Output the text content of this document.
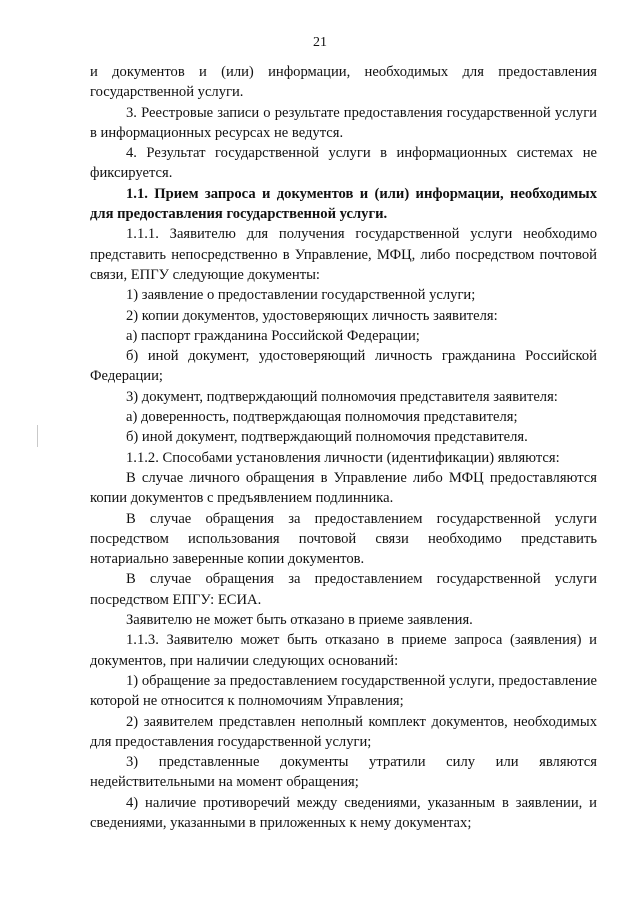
21

и документов и (или) информации, необходимых для предоставления государственной услуги.

3. Реестровые записи о результате предоставления государственной услуги в информационных ресурсах не ведутся.

4. Результат государственной услуги в информационных системах не фиксируется.

1.1. Прием запроса и документов и (или) информации, необходимых для предоставления государственной услуги.

1.1.1. Заявителю для получения государственной услуги необходимо представить непосредственно в Управление, МФЦ, либо посредством почтовой связи, ЕПГУ следующие документы:

1) заявление о предоставлении государственной услуги;

2) копии документов, удостоверяющих личность заявителя:

а) паспорт гражданина Российской Федерации;

б) иной документ, удостоверяющий личность гражданина Российской Федерации;

3) документ, подтверждающий полномочия представителя заявителя:

а) доверенность, подтверждающая полномочия представителя;

б) иной документ, подтверждающий полномочия представителя.

1.1.2. Способами установления личности (идентификации) являются:

В случае личного обращения в Управление либо МФЦ предоставляются копии документов с предъявлением подлинника.

В случае обращения за предоставлением государственной услуги посредством использования почтовой связи необходимо представить нотариально заверенные копии документов.

В случае обращения за предоставлением государственной услуги посредством ЕПГУ: ЕСИА.

Заявителю не может быть отказано в приеме заявления.

1.1.3. Заявителю может быть отказано в приеме запроса (заявления) и документов, при наличии следующих оснований:

1) обращение за предоставлением государственной услуги, предоставление которой не относится к полномочиям Управления;

2) заявителем представлен неполный комплект документов, необходимых для предоставления государственной услуги;

3) представленные документы утратили силу или являются недействительными на момент обращения;

4) наличие противоречий между сведениями, указанным в заявлении, и сведениями, указанными в приложенных к нему документах;
